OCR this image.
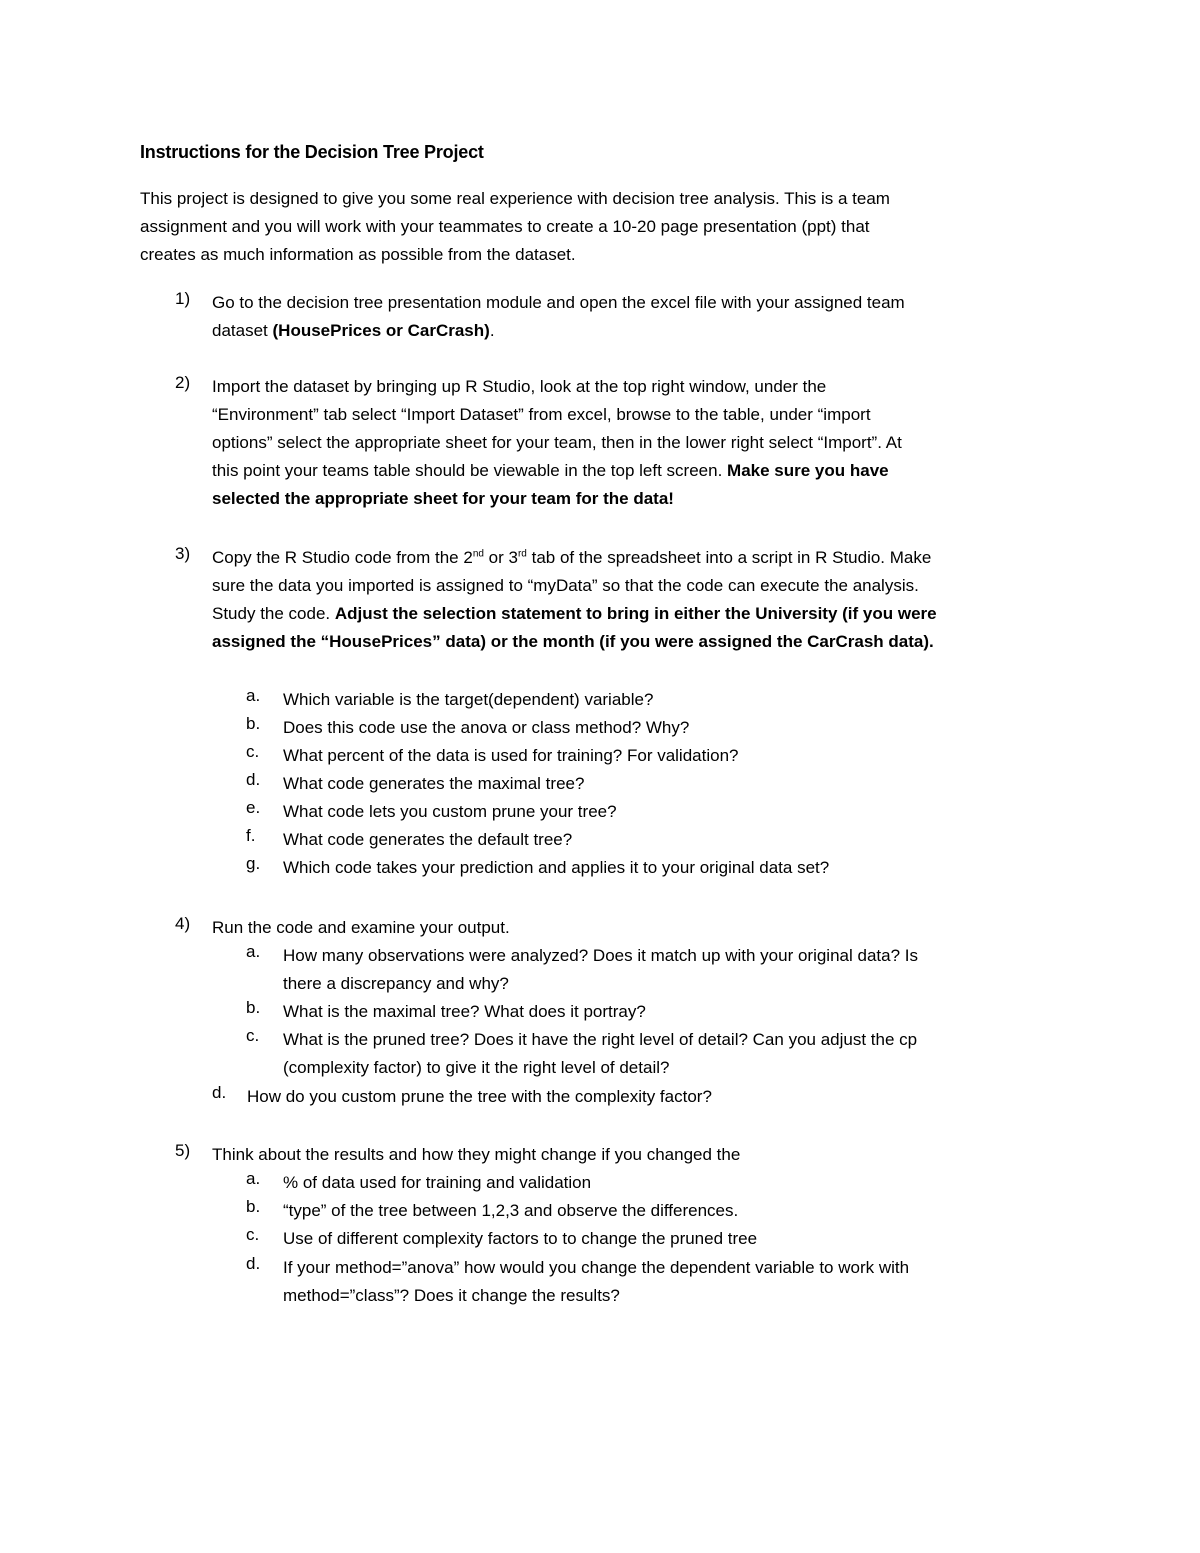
Instructions for the Decision Tree Project
This project is designed to give you some real experience with decision tree analysis. This is a team
assignment and you will work with your teammates to create a 10-20 page presentation (ppt) that
creates as much information as possible from the dataset.
1) Go to the decision tree presentation module and open the excel file with your assigned team
dataset (HousePrices or CarCrash).
2) Import the dataset by bringing up R Studio, look at the top right window, under the
“Environment” tab select “Import Dataset” from excel, browse to the table, under “import
options” select the appropriate sheet for your team, then in the lower right select “Import”. At
this point your teams table should be viewable in the top left screen. Make sure you have
selected the appropriate sheet for your team for the data!
3) Copy the R Studio code from the 2nd or 3rd tab of the spreadsheet into a script in R Studio. Make
sure the data you imported is assigned to “myData” so that the code can execute the analysis.
Study the code. Adjust the selection statement to bring in either the University (if you were
assigned the “HousePrices” data) or the month (if you were assigned the CarCrash data).
a. Which variable is the target(dependent) variable?
b. Does this code use the anova or class method? Why?
c. What percent of the data is used for training? For validation?
d. What code generates the maximal tree?
e. What code lets you custom prune your tree?
f. What code generates the default tree?
g. Which code takes your prediction and applies it to your original data set?
4) Run the code and examine your output.
a. How many observations were analyzed? Does it match up with your original data? Is
there a discrepancy and why?
b. What is the maximal tree? What does it portray?
c. What is the pruned tree? Does it have the right level of detail? Can you adjust the cp
(complexity factor) to give it the right level of detail?
d. How do you custom prune the tree with the complexity factor?
5) Think about the results and how they might change if you changed the
a. % of data used for training and validation
b. “type” of the tree between 1,2,3 and observe the differences.
c. Use of different complexity factors to to change the pruned tree
d. If your method=”anova” how would you change the dependent variable to work with
method=”class”? Does it change the results?
